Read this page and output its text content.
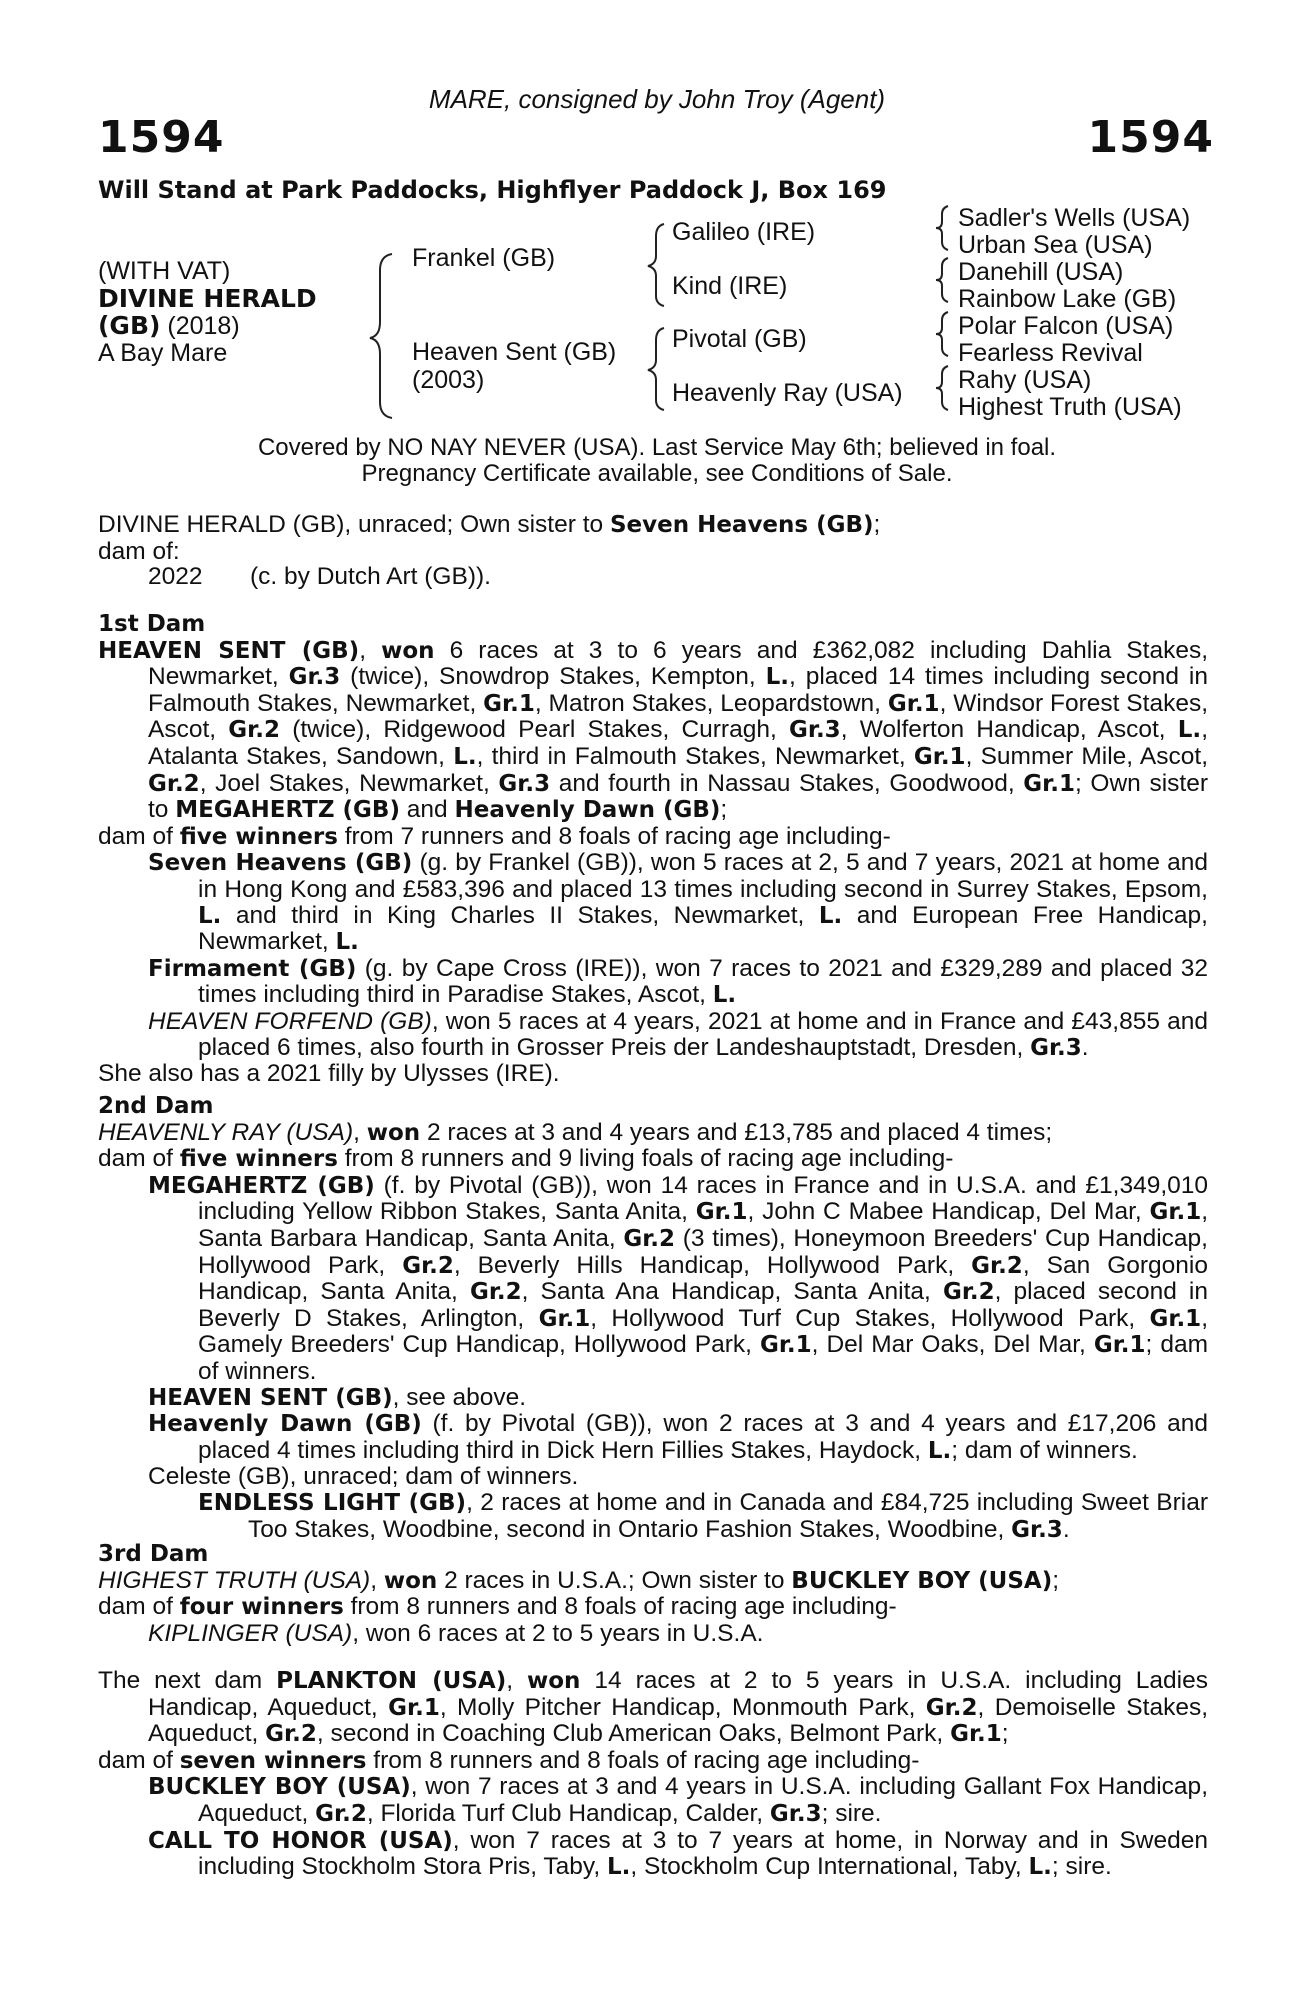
MARE, consigned by John Troy (Agent)
1594	1594
Will Stand at Park Paddocks, Highflyer Paddock J, Box 169
(WITH VAT)
DIVINE HERALD
(GB) (2018)
A Bay Mare
Frankel (GB)
Heaven Sent (GB)
(2003)
Galileo (IRE)
Kind (IRE)
Pivotal (GB)
Heavenly Ray (USA)
Sadler's Wells (USA)
Urban Sea (USA)
Danehill (USA)
Rainbow Lake (GB)
Polar Falcon (USA)
Fearless Revival
Rahy (USA)
Highest Truth (USA)
Covered by NO NAY NEVER (USA). Last Service May 6th; believed in foal.
Pregnancy Certificate available, see Conditions of Sale.
DIVINE HERALD (GB), unraced; Own sister to Seven Heavens (GB);
dam of:
2022 (c. by Dutch Art (GB)).
1st Dam

HEAVEN SENT (GB), won 6 races at 3 to 6 years and £362,082 including Dahlia Stakes, Newmarket, Gr.3 (twice), Snowdrop Stakes, Kempton, L., placed 14 times including second in Falmouth Stakes, Newmarket, Gr.1, Matron Stakes, Leopardstown, Gr.1, Windsor Forest Stakes, Ascot, Gr.2 (twice), Ridgewood Pearl Stakes, Curragh, Gr.3, Wolferton Handicap, Ascot, L., Atalanta Stakes, Sandown, L., third in Falmouth Stakes, Newmarket, Gr.1, Summer Mile, Ascot, Gr.2, Joel Stakes, Newmarket, Gr.3 and fourth in Nassau Stakes, Goodwood, Gr.1; Own sister to MEGAHERTZ (GB) and Heavenly Dawn (GB);

dam of five winners from 7 runners and 8 foals of racing age including-

Seven Heavens (GB) (g. by Frankel (GB)), won 5 races at 2, 5 and 7 years, 2021 at home and in Hong Kong and £583,396 and placed 13 times including second in Surrey Stakes, Epsom, L. and third in King Charles II Stakes, Newmarket, L. and European Free Handicap, Newmarket, L.

Firmament (GB) (g. by Cape Cross (IRE)), won 7 races to 2021 and £329,289 and placed 32 times including third in Paradise Stakes, Ascot, L.

HEAVEN FORFEND (GB), won 5 races at 4 years, 2021 at home and in France and £43,855 and placed 6 times, also fourth in Grosser Preis der Landeshauptstadt, Dresden, Gr.3.

She also has a 2021 filly by Ulysses (IRE).

2nd Dam

HEAVENLY RAY (USA), won 2 races at 3 and 4 years and £13,785 and placed 4 times;

dam of five winners from 8 runners and 9 living foals of racing age including-

MEGAHERTZ (GB) (f. by Pivotal (GB)), won 14 races in France and in U.S.A. and £1,349,010 including Yellow Ribbon Stakes, Santa Anita, Gr.1, John C Mabee Handicap, Del Mar, Gr.1, Santa Barbara Handicap, Santa Anita, Gr.2 (3 times), Honeymoon Breeders' Cup Handicap, Hollywood Park, Gr.2, Beverly Hills Handicap, Hollywood Park, Gr.2, San Gorgonio Handicap, Santa Anita, Gr.2, Santa Ana Handicap, Santa Anita, Gr.2, placed second in Beverly D Stakes, Arlington, Gr.1, Hollywood Turf Cup Stakes, Hollywood Park, Gr.1, Gamely Breeders' Cup Handicap, Hollywood Park, Gr.1, Del Mar Oaks, Del Mar, Gr.1; dam of winners.

HEAVEN SENT (GB), see above.

Heavenly Dawn (GB) (f. by Pivotal (GB)), won 2 races at 3 and 4 years and £17,206 and placed 4 times including third in Dick Hern Fillies Stakes, Haydock, L.; dam of winners.

Celeste (GB), unraced; dam of winners.

ENDLESS LIGHT (GB), 2 races at home and in Canada and £84,725 including Sweet Briar Too Stakes, Woodbine, second in Ontario Fashion Stakes, Woodbine, Gr.3.

3rd Dam

HIGHEST TRUTH (USA), won 2 races in U.S.A.; Own sister to BUCKLEY BOY (USA);

dam of four winners from 8 runners and 8 foals of racing age including-

KIPLINGER (USA), won 6 races at 2 to 5 years in U.S.A.

The next dam PLANKTON (USA), won 14 races at 2 to 5 years in U.S.A. including Ladies Handicap, Aqueduct, Gr.1, Molly Pitcher Handicap, Monmouth Park, Gr.2, Demoiselle Stakes, Aqueduct, Gr.2, second in Coaching Club American Oaks, Belmont Park, Gr.1;

dam of seven winners from 8 runners and 8 foals of racing age including-

BUCKLEY BOY (USA), won 7 races at 3 and 4 years in U.S.A. including Gallant Fox Handicap, Aqueduct, Gr.2, Florida Turf Club Handicap, Calder, Gr.3; sire.

CALL TO HONOR (USA), won 7 races at 3 to 7 years at home, in Norway and in Sweden including Stockholm Stora Pris, Taby, L., Stockholm Cup International, Taby, L.; sire.
